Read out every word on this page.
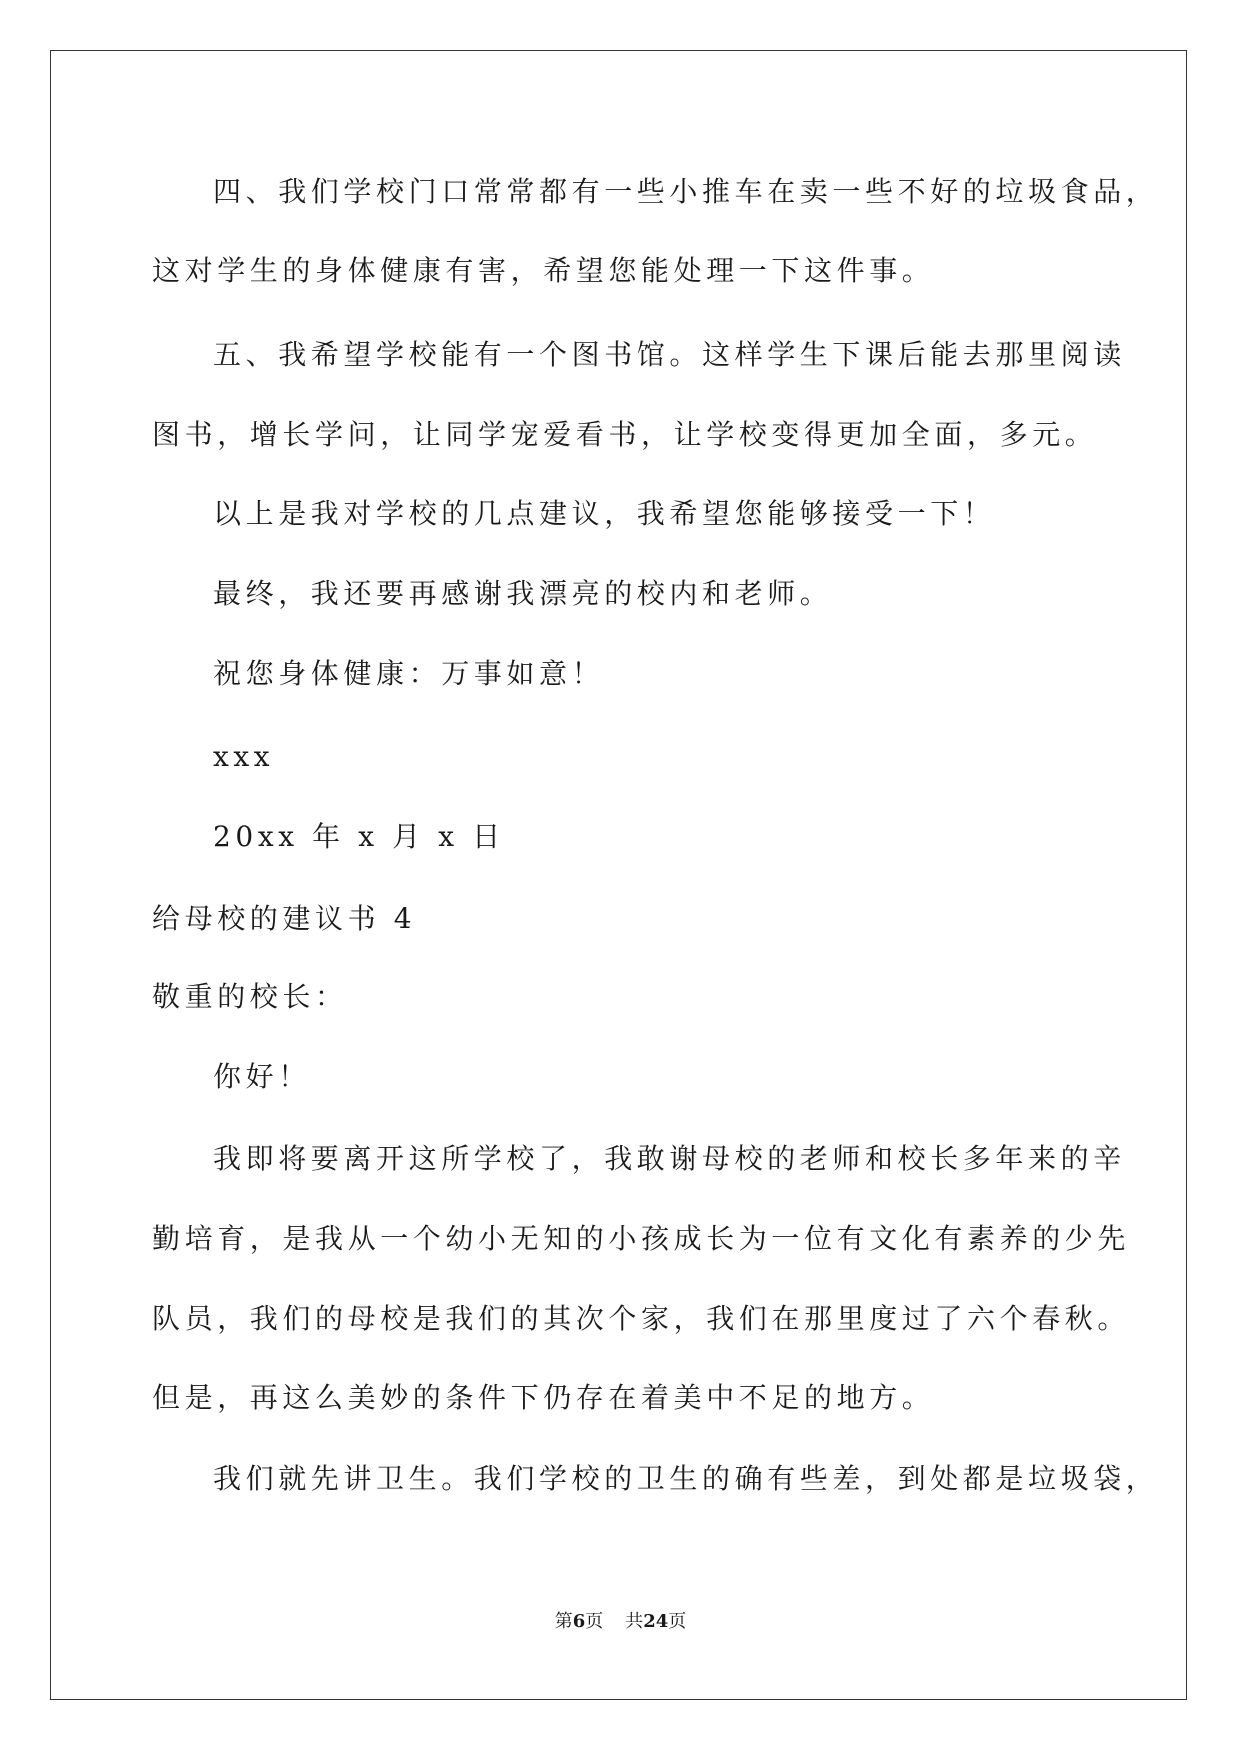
四、我们学校门口常常都有一些小推车在卖一些不好的垃圾食品，
这对学生的身体健康有害，希望您能处理一下这件事。
五、我希望学校能有一个图书馆。这样学生下课后能去那里阅读
图书，增长学问，让同学宠爱看书，让学校变得更加全面，多元。
以上是我对学校的几点建议，我希望您能够接受一下！
最终，我还要再感谢我漂亮的校内和老师。
祝您身体健康：万事如意！
xxx
20xx 年 x 月 x 日
给母校的建议书 4
敬重的校长：
你好！
我即将要离开这所学校了，我敢谢母校的老师和校长多年来的辛
勤培育，是我从一个幼小无知的小孩成长为一位有文化有素养的少先
队员，我们的母校是我们的其次个家，我们在那里度过了六个春秋。
但是，再这么美妙的条件下仍存在着美中不足的地方。
我们就先讲卫生。我们学校的卫生的确有些差，到处都是垃圾袋，
第6页 共24页
